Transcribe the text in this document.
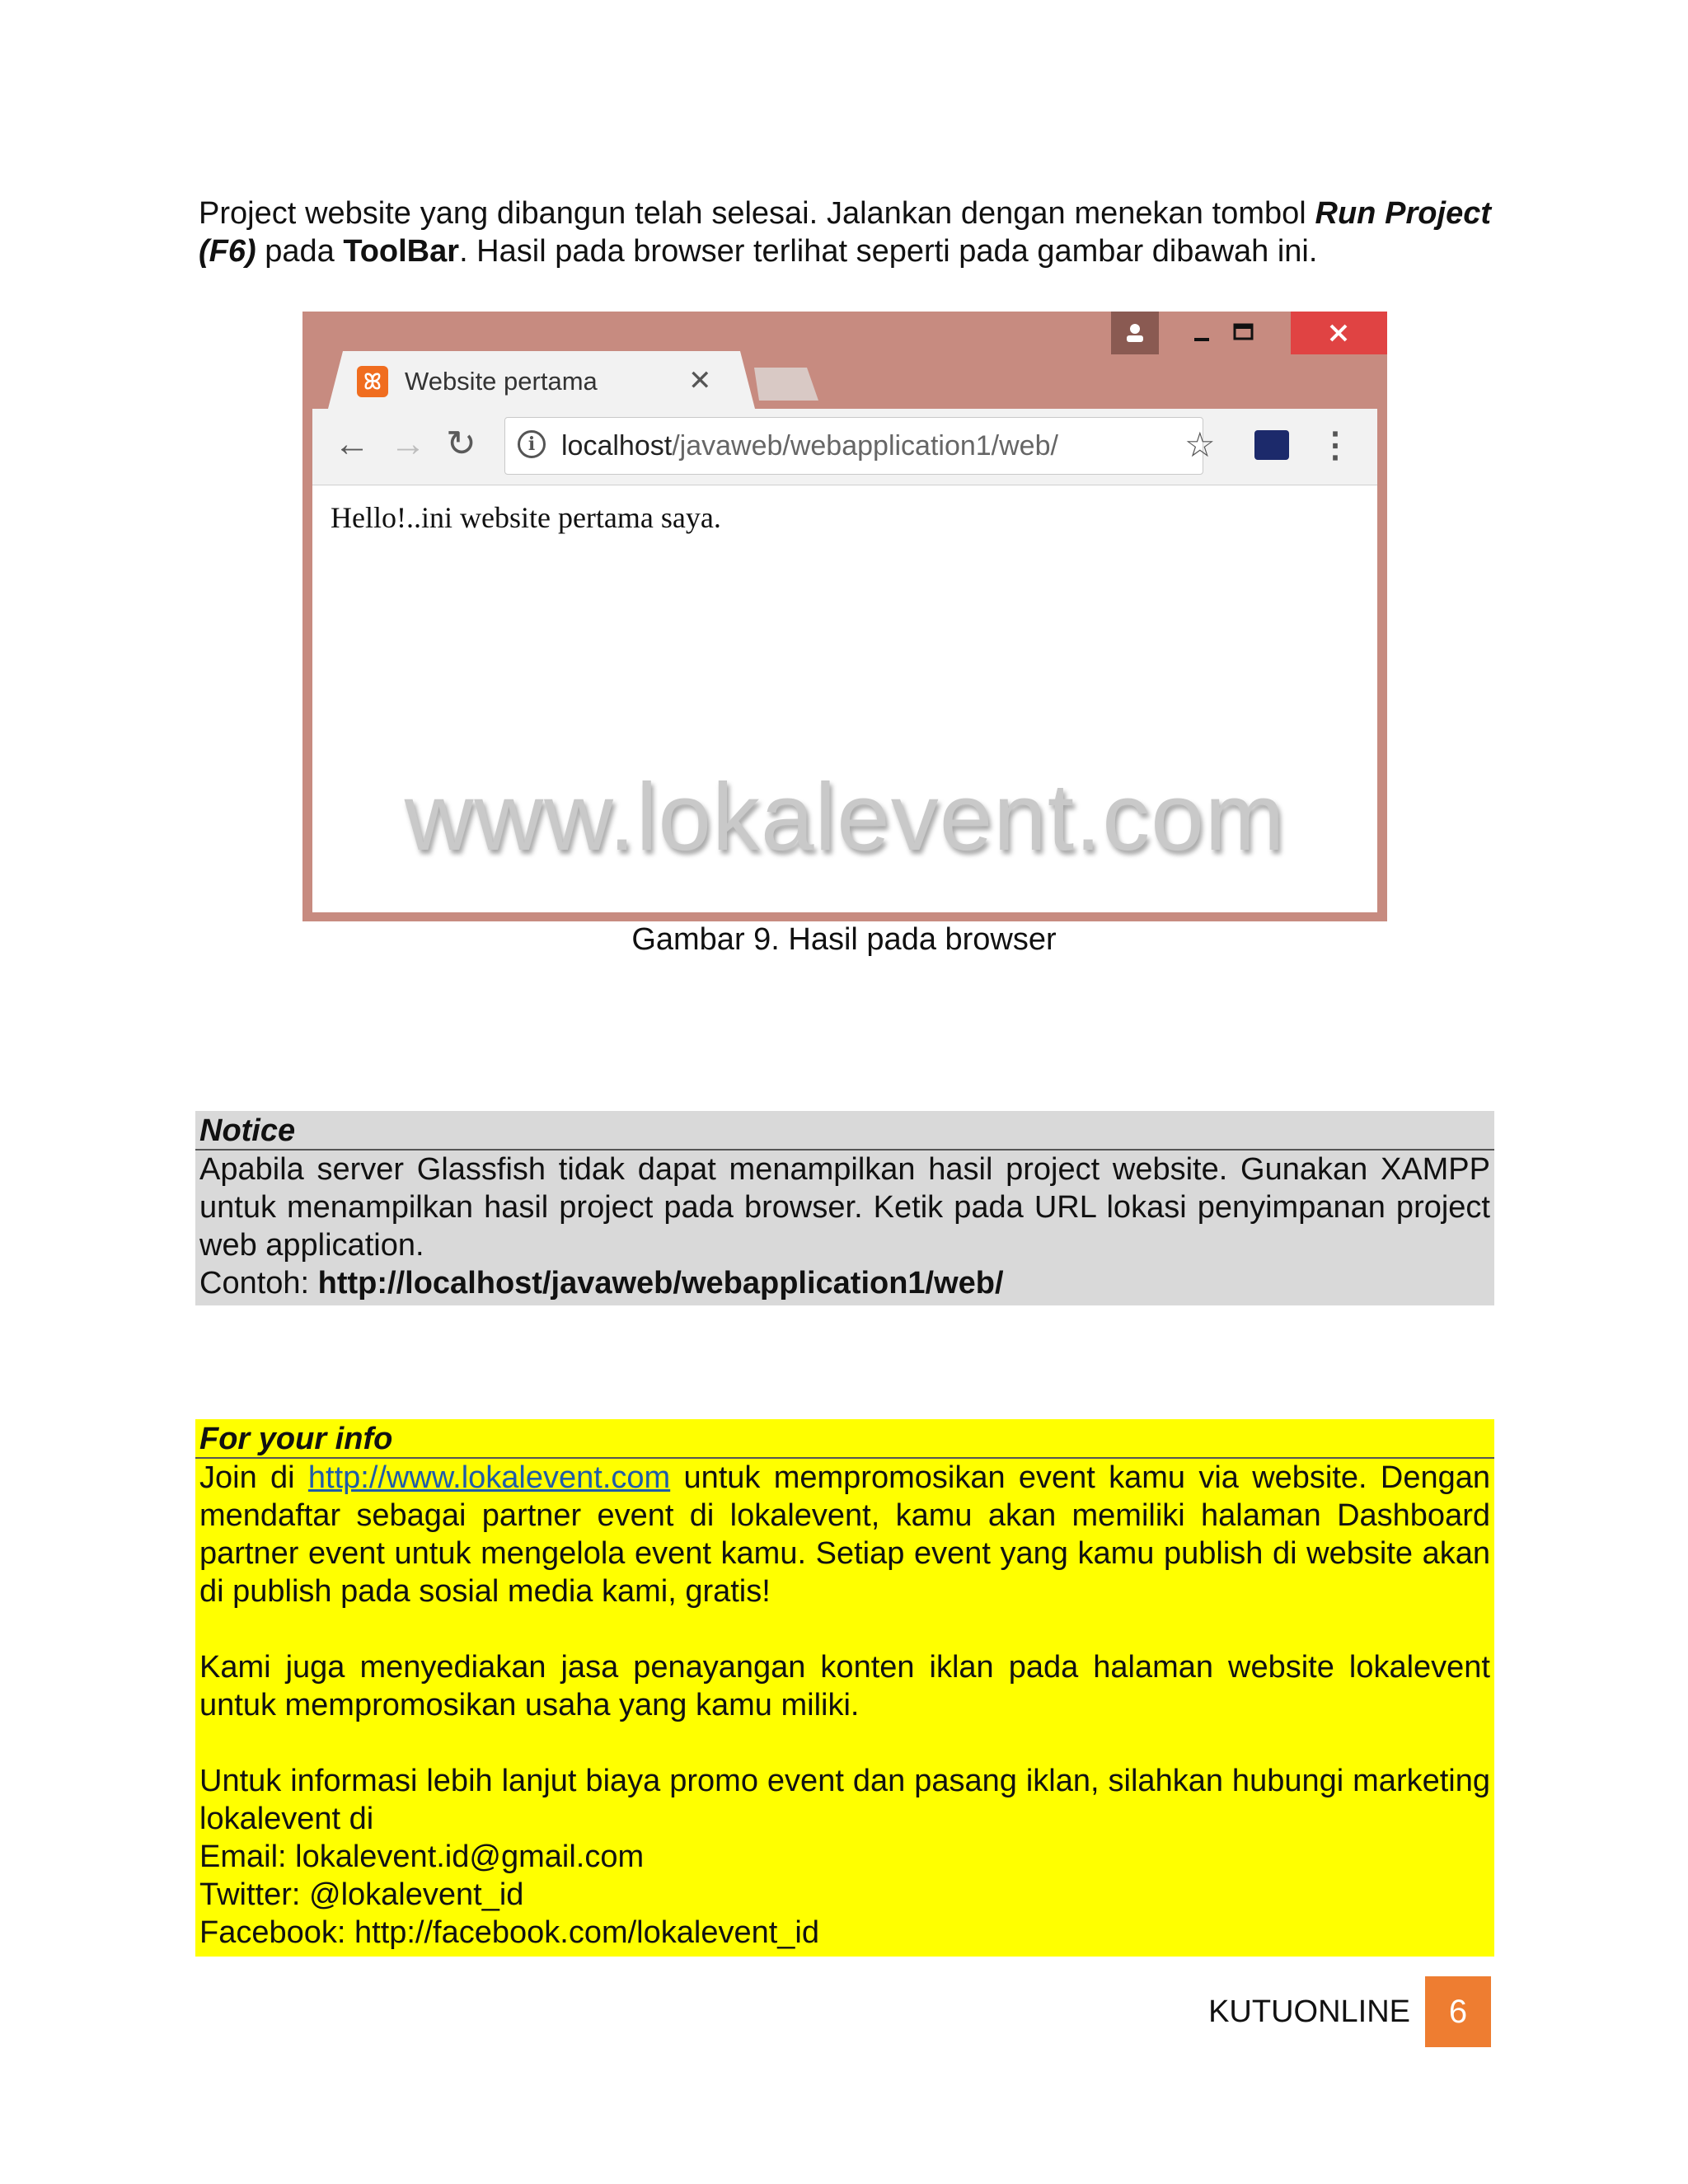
Project website yang dibangun telah selesai. Jalankan dengan menekan tombol Run Project (F6) pada ToolBar. Hasil pada browser terlihat seperti pada gambar dibawah ini.

ꕤ Website pertama	✕
← → ↻	i localhost/javaweb/webapplication1/web/	☆	⋮
Hello!..ini website pertama saya.
www.lokalevent.com
Gambar 9. Hasil pada browser
Notice
Apabila server Glassfish tidak dapat menampilkan hasil project website. Gunakan XAMPP untuk menampilkan hasil project pada browser. Ketik pada URL lokasi penyimpanan project web application.
Contoh: http://localhost/javaweb/webapplication1/web/
For your info
Join di http://www.lokalevent.com untuk mempromosikan event kamu via website. Dengan mendaftar sebagai partner event di lokalevent, kamu akan memiliki halaman Dashboard partner event untuk mengelola event kamu. Setiap event yang kamu publish di website akan di publish pada sosial media kami, gratis!
Kami juga menyediakan jasa penayangan konten iklan pada halaman website lokalevent untuk mempromosikan usaha yang kamu miliki.
Untuk informasi lebih lanjut biaya promo event dan pasang iklan, silahkan hubungi marketing lokalevent di
Email: lokalevent.id@gmail.com
Twitter: @lokalevent_id
Facebook: http://facebook.com/lokalevent_id
KUTUONLINE	6
